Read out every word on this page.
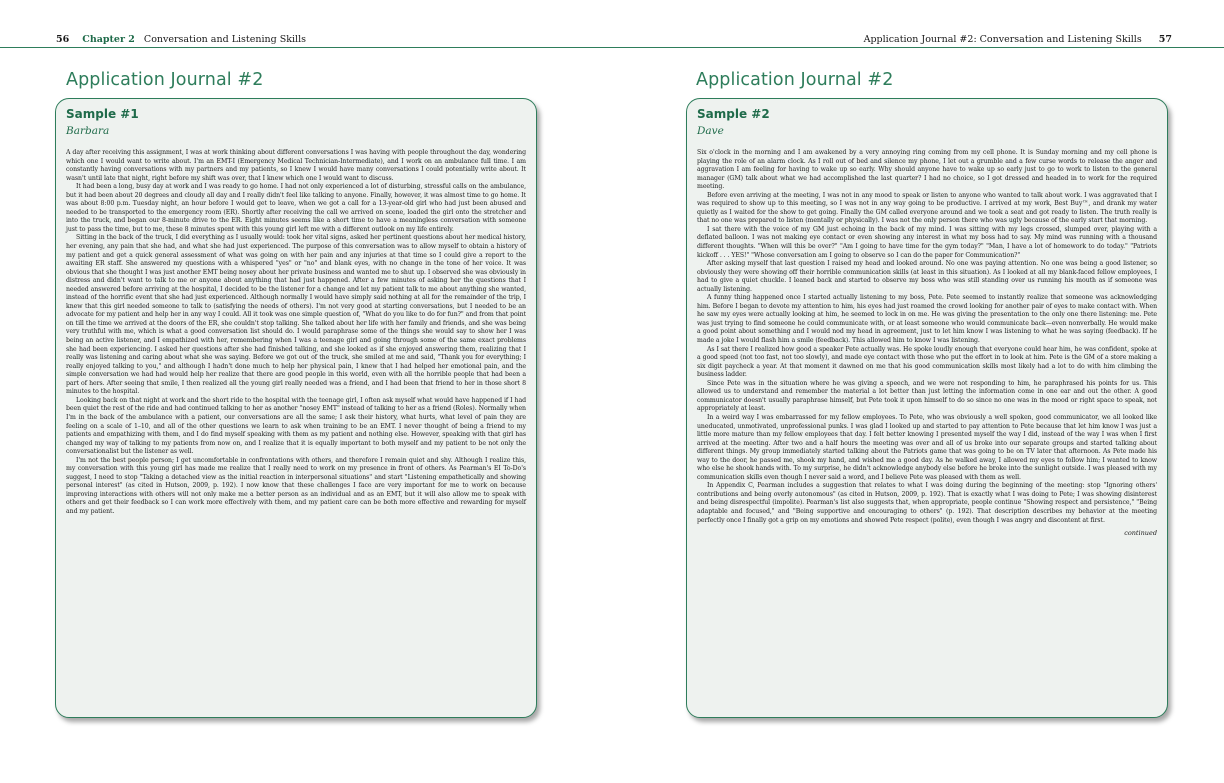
56 Chapter 2 Conversation and Listening Skills	Application Journal #2: Conversation and Listening Skills 57
Application Journal #2	Application Journal #2
Sample #1
Barbara

A day after receiving this assignment, I was at work thinking about different conversations I was having with people throughout the day, wondering which one I would want to write about. I'm an EMT-I (Emergency Medical Technician-Intermediate), and I work on an ambulance full time. I am constantly having conversations with my partners and my patients, so I knew I would have many conversations I could potentially write about. It wasn't until late that night, right before my shift was over, that I knew which one I would want to discuss.

It had been a long, busy day at work and I was ready to go home. I had not only experienced a lot of disturbing, stressful calls on the ambulance, but it had been about 20 degrees and cloudy all day and I really didn't feel like talking to anyone. Finally, however, it was almost time to go home. It was about 8:00 p.m. Tuesday night, an hour before I would get to leave, when we got a call for a 13-year-old girl who had just been abused and needed to be transported to the emergency room (ER). Shortly after receiving the call we arrived on scene, loaded the girl onto the stretcher and into the truck, and began our 8-minute drive to the ER. Eight minutes seems like a short time to have a meaningless conversation with someone just to pass the time, but to me, these 8 minutes spent with this young girl left me with a different outlook on my life entirely.

Sitting in the back of the truck, I did everything as I usually would: took her vital signs, asked her pertinent questions about her medical history, her evening, any pain that she had, and what she had just experienced. The purpose of this conversation was to allow myself to obtain a history of my patient and get a quick general assessment of what was going on with her pain and any injuries at that time so I could give a report to the awaiting ER staff. She answered my questions with a whispered "yes" or "no" and blank eyes, with no change in the tone of her voice. It was obvious that she thought I was just another EMT being nosey about her private business and wanted me to shut up. I observed she was obviously in distress and didn't want to talk to me or anyone about anything that had just happened. After a few minutes of asking her the questions that I needed answered before arriving at the hospital, I decided to be the listener for a change and let my patient talk to me about anything she wanted, instead of the horrific event that she had just experienced. Although normally I would have simply said nothing at all for the remainder of the trip, I knew that this girl needed someone to talk to (satisfying the needs of others). I'm not very good at starting conversations, but I needed to be an advocate for my patient and help her in any way I could. All it took was one simple question of, "What do you like to do for fun?" and from that point on till the time we arrived at the doors of the ER, she couldn't stop talking. She talked about her life with her family and friends, and she was being very truthful with me, which is what a good conversation list should do. I would paraphrase some of the things she would say to show her I was being an active listener, and I empathized with her, remembering when I was a teenage girl and going through some of the same exact problems she had been experiencing. I asked her questions after she had finished talking, and she looked as if she enjoyed answering them, realizing that I really was listening and caring about what she was saying. Before we got out of the truck, she smiled at me and said, "Thank you for everything; I really enjoyed talking to you," and although I hadn't done much to help her physical pain, I knew that I had helped her emotional pain, and the simple conversation we had had would help her realize that there are good people in this world, even with all the horrible people that had been a part of hers. After seeing that smile, I then realized all the young girl really needed was a friend, and I had been that friend to her in those short 8 minutes to the hospital.

Looking back on that night at work and the short ride to the hospital with the teenage girl, I often ask myself what would have happened if I had been quiet the rest of the ride and had continued talking to her as another "nosey EMT" instead of talking to her as a friend (Roles). Normally when I'm in the back of the ambulance with a patient, our conversations are all the same; I ask their history, what hurts, what level of pain they are feeling on a scale of 1–10, and all of the other questions we learn to ask when training to be an EMT. I never thought of being a friend to my patients and empathizing with them, and I do find myself speaking with them as my patient and nothing else. However, speaking with that girl has changed my way of talking to my patients from now on, and I realize that it is equally important to both myself and my patient to be not only the conversationalist but the listener as well.

I'm not the best people person; I get uncomfortable in confrontations with others, and therefore I remain quiet and shy. Although I realize this, my conversation with this young girl has made me realize that I really need to work on my presence in front of others. As Pearman's EI To-Do's suggest, I need to stop "Taking a detached view as the initial reaction in interpersonal situations" and start "Listening empathetically and showing personal interest" (as cited in Hutson, 2009, p. 192). I now know that these challenges I face are very important for me to work on because improving interactions with others will not only make me a better person as an individual and as an EMT, but it will also allow me to speak with others and get their feedback so I can work more effectively with them, and my patient care can be both more effective and rewarding for myself and my patient.

Sample #2
Dave

Six o'clock in the morning and I am awakened by a very annoying ring coming from my cell phone. It is Sunday morning and my cell phone is playing the role of an alarm clock. As I roll out of bed and silence my phone, I let out a grumble and a few curse words to release the anger and aggravation I am feeling for having to wake up so early. Why should anyone have to wake up so early just to go to work to listen to the general manager (GM) talk about what we had accomplished the last quarter? I had no choice, so I got dressed and headed in to work for the required meeting.

Before even arriving at the meeting, I was not in any mood to speak or listen to anyone who wanted to talk about work. I was aggravated that I was required to show up to this meeting, so I was not in any way going to be productive. I arrived at my work, Best Buy™, and drank my water quietly as I waited for the show to get going. Finally the GM called everyone around and we took a seat and got ready to listen. The truth really is that no one was prepared to listen (mentally or physically). I was not the only person there who was ugly because of the early start that morning.

I sat there with the voice of my GM just echoing in the back of my mind. I was sitting with my legs crossed, slumped over, playing with a deflated balloon. I was not making eye contact or even showing any interest in what my boss had to say. My mind was running with a thousand different thoughts. "When will this be over?" "Am I going to have time for the gym today?" "Man, I have a lot of homework to do today." "Patriots kickoff . . . YES!" "Whose conversation am I going to observe so I can do the paper for Communication?"

After asking myself that last question I raised my head and looked around. No one was paying attention. No one was being a good listener, so obviously they were showing off their horrible communication skills (at least in this situation). As I looked at all my blank-faced fellow employees, I had to give a quiet chuckle. I leaned back and started to observe my boss who was still standing over us running his mouth as if someone was actually listening.

A funny thing happened once I started actually listening to my boss, Pete. Pete seemed to instantly realize that someone was acknowledging him. Before I began to devote my attention to him, his eyes had just roamed the crowd looking for another pair of eyes to make contact with. When he saw my eyes were actually looking at him, he seemed to lock in on me. He was giving the presentation to the only one there listening: me. Pete was just trying to find someone he could communicate with, or at least someone who would communicate back—even nonverbally. He would make a good point about something and I would nod my head in agreement, just to let him know I was listening to what he was saying (feedback). If he made a joke I would flash him a smile (feedback). This allowed him to know I was listening.

As I sat there I realized how good a speaker Pete actually was. He spoke loudly enough that everyone could hear him, he was confident, spoke at a good speed (not too fast, not too slowly), and made eye contact with those who put the effort in to look at him. Pete is the GM of a store making a six digit paycheck a year. At that moment it dawned on me that his good communication skills most likely had a lot to do with him climbing the business ladder.

Since Pete was in the situation where he was giving a speech, and we were not responding to him, he paraphrased his points for us. This allowed us to understand and remember the material a lot better than just letting the information come in one ear and out the other. A good communicator doesn't usually paraphrase himself, but Pete took it upon himself to do so since no one was in the mood or right space to speak, not appropriately at least.

In a weird way I was embarrassed for my fellow employees. To Pete, who was obviously a well spoken, good communicator, we all looked like uneducated, unmotivated, unprofessional punks. I was glad I looked up and started to pay attention to Pete because that let him know I was just a little more mature than my fellow employees that day. I felt better knowing I presented myself the way I did, instead of the way I was when I first arrived at the meeting. After two and a half hours the meeting was over and all of us broke into our separate groups and started talking about different things. My group immediately started talking about the Patriots game that was going to be on TV later that afternoon. As Pete made his way to the door, he passed me, shook my hand, and wished me a good day. As he walked away, I allowed my eyes to follow him; I wanted to know who else he shook hands with. To my surprise, he didn't acknowledge anybody else before he broke into the sunlight outside. I was pleased with my communication skills even though I never said a word, and I believe Pete was pleased with them as well.

In Appendix C, Pearman includes a suggestion that relates to what I was doing during the beginning of the meeting: stop "Ignoring others' contributions and being overly autonomous" (as cited in Hutson, 2009, p. 192). That is exactly what I was doing to Pete; I was showing disinterest and being disrespectful (impolite). Pearman's list also suggests that, when appropriate, people continue "Showing respect and persistence," "Being adaptable and focused," and "Being supportive and encouraging to others" (p. 192). That description describes my behavior at the meeting perfectly once I finally got a grip on my emotions and showed Pete respect (polite), even though I was angry and discontent at first.

continued
